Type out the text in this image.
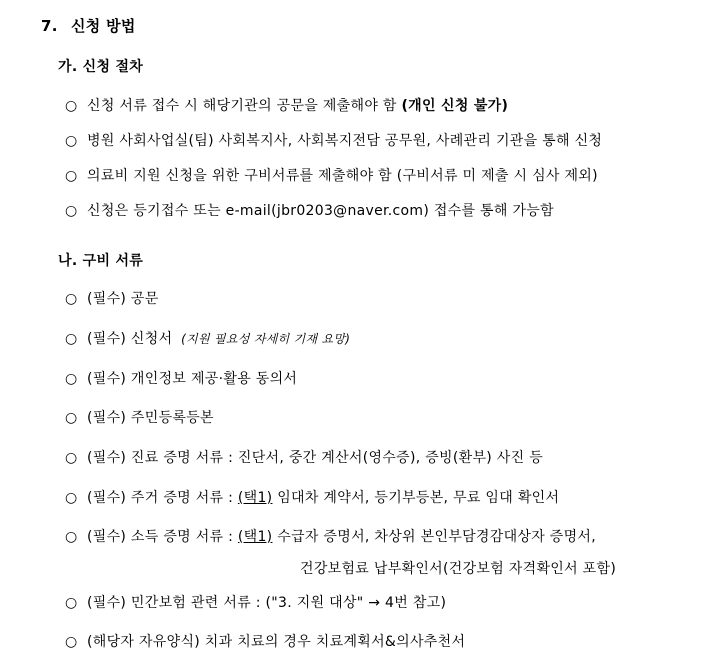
7. 신청 방법
가. 신청 절차
○ 신청 서류 접수 시 해당기관의 공문을 제출해야 함 (개인 신청 불가)
○ 병원 사회사업실(팀) 사회복지사, 사회복지전담 공무원, 사례관리 기관을 통해 신청
○ 의료비 지원 신청을 위한 구비서류를 제출해야 함 (구비서류 미 제출 시 심사 제외)
○ 신청은 등기접수 또는 e-mail(jbr0203@naver.com) 접수를 통해 가능함
나. 구비 서류
○ (필수) 공문
○ (필수) 신청서 (지원 필요성 자세히 기재 요망)
○ (필수) 개인정보 제공·활용 동의서
○ (필수) 주민등록등본
○ (필수) 진료 증명 서류 : 진단서, 중간 계산서(영수증), 증빙(환부) 사진 등
○ (필수) 주거 증명 서류 : (택1) 임대차 계약서, 등기부등본, 무료 임대 확인서
○ (필수) 소득 증명 서류 : (택1) 수급자 증명서, 차상위 본인부담경감대상자 증명서,
건강보험료 납부확인서(건강보험 자격확인서 포함)
○ (필수) 민간보험 관련 서류 : ("3. 지원 대상" → 4번 참고)
○ (해당자 자유양식) 치과 치료의 경우 치료계획서&의사추천서
